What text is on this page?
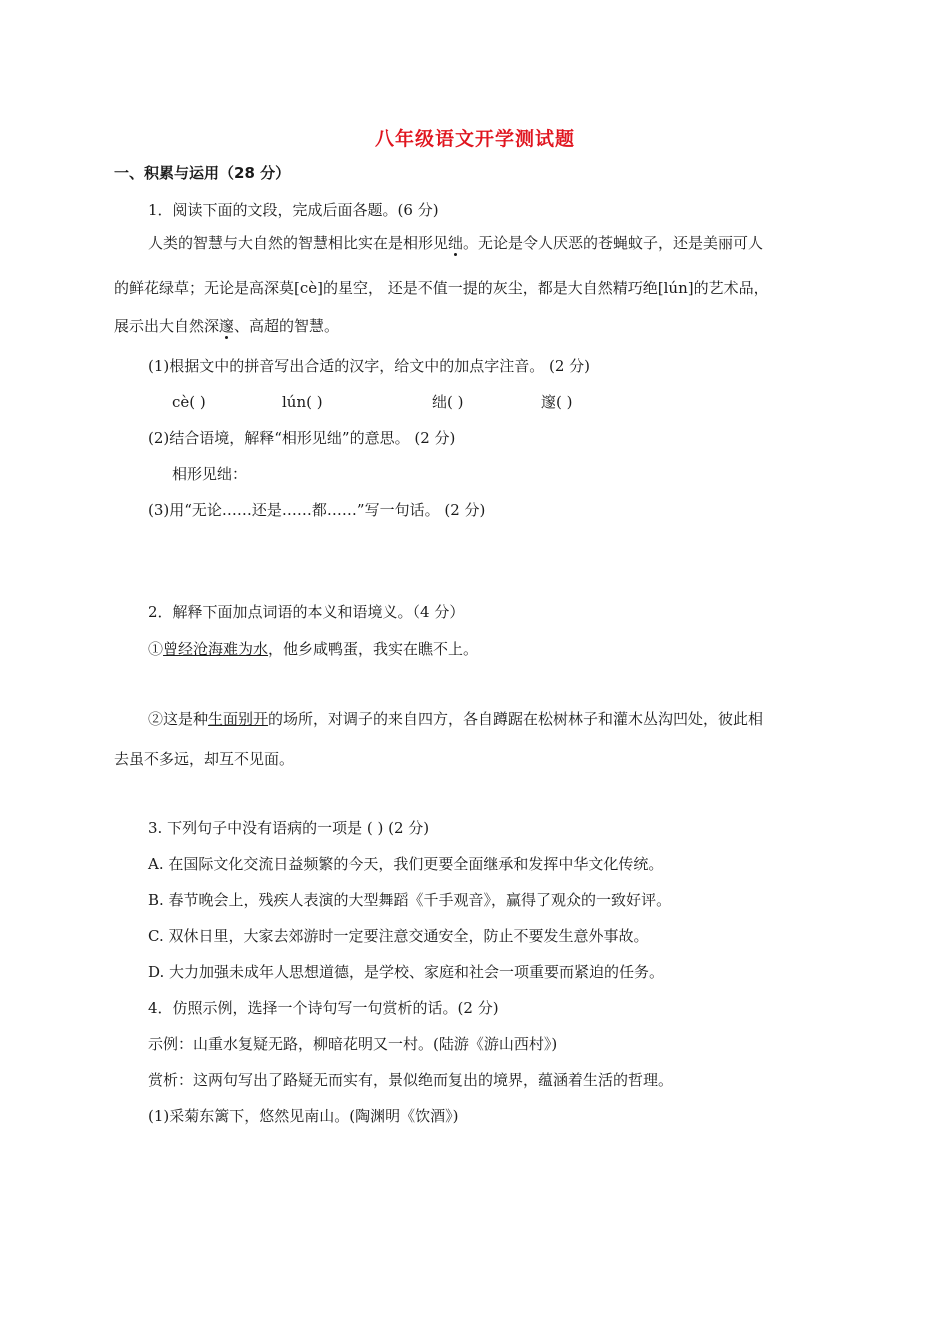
八年级语文开学测试题
一、积累与运用（28 分）
1．阅读下面的文段，完成后面各题。(6 分)
人类的智慧与大自然的智慧相比实在是相形见绌。无论是令人厌恶的苍蝇蚊子，还是美丽可人
的鲜花绿草；无论是高深莫[cè]的星空， 还是不值一提的灰尘，都是大自然精巧绝[lún]的艺术品，
展示出大自然深邃、高超的智慧。
(1)根据文中的拼音写出合适的汉字，给文中的加点字注音。 (2 分)
cè( )	lún( )	绌( )	邃( )
(2)结合语境，解释“相形见绌”的意思。 (2 分)
相形见绌：
(3)用“无论……还是……都……”写一句话。 (2 分)
2．解释下面加点词语的本义和语境义。（4 分）
①曾经沧海难为水，他乡咸鸭蛋，我实在瞧不上。
②这是种生面别开的场所，对调子的来自四方，各自蹲踞在松树林子和灌木丛沟凹处，彼此相
去虽不多远，却互不见面。
3. 下列句子中没有语病的一项是 ( ) (2 分)
A. 在国际文化交流日益频繁的今天，我们更要全面继承和发挥中华文化传统。
B. 春节晚会上，残疾人表演的大型舞蹈《千手观音》，赢得了观众的一致好评。
C. 双休日里，大家去郊游时一定要注意交通安全，防止不要发生意外事故。
D. 大力加强未成年人思想道德，是学校、家庭和社会一项重要而紧迫的任务。
4．仿照示例，选择一个诗句写一句赏析的话。(2 分)
示例：山重水复疑无路，柳暗花明又一村。(陆游《游山西村》)
赏析：这两句写出了路疑无而实有，景似绝而复出的境界，蕴涵着生活的哲理。
(1)采菊东篱下，悠然见南山。(陶渊明《饮酒》)
